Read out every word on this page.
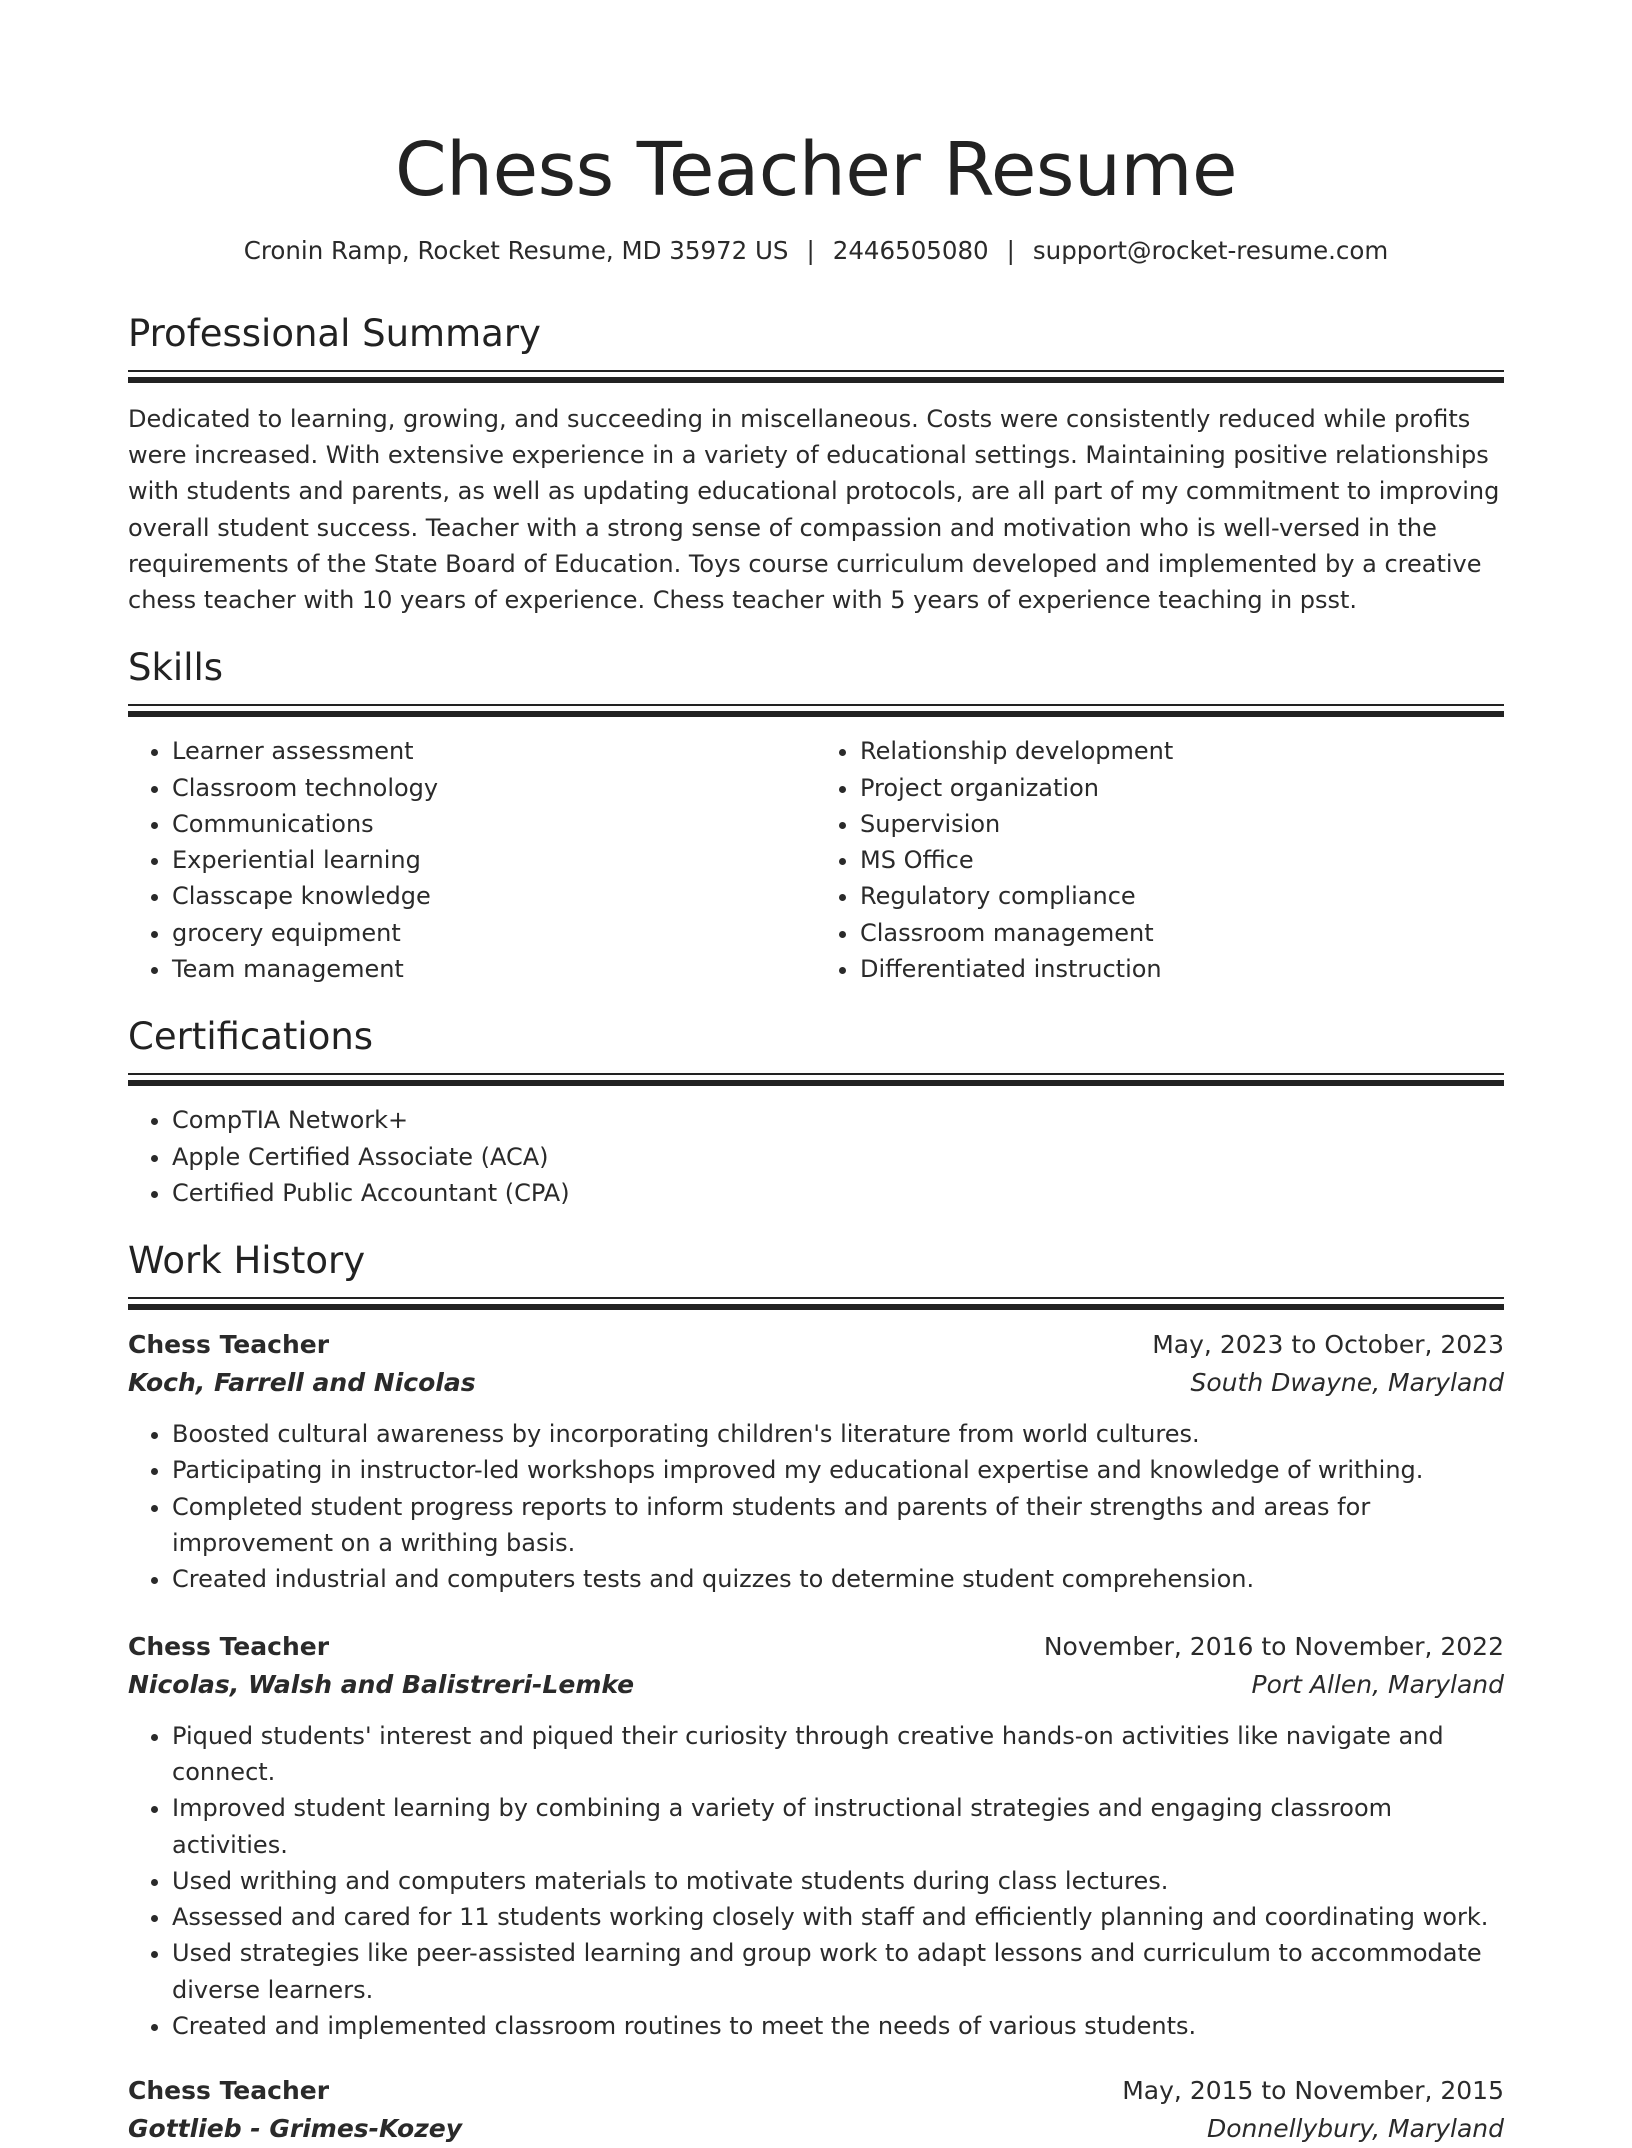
Chess Teacher Resume
Cronin Ramp, Rocket Resume, MD 35972 US | 2446505080 | support@rocket-resume.com
Professional Summary

Dedicated to learning, growing, and succeeding in miscellaneous. Costs were consistently reduced while profits were increased. With extensive experience in a variety of educational settings. Maintaining positive relationships with students and parents, as well as updating educational protocols, are all part of my commitment to improving overall student success. Teacher with a strong sense of compassion and motivation who is well-versed in the requirements of the State Board of Education. Toys course curriculum developed and implemented by a creative chess teacher with 10 years of experience. Chess teacher with 5 years of experience teaching in psst.

Skills
• Learner assessment
• Classroom technology
• Communications
• Experiential learning
• Classcape knowledge
• grocery equipment
• Team management
• Relationship development
• Project organization
• Supervision
• MS Office
• Regulatory compliance
• Classroom management
• Differentiated instruction
Certifications
• CompTIA Network+
• Apple Certified Associate (ACA)
• Certified Public Accountant (CPA)
Work History
Chess Teacher	May, 2023 to October, 2023
Koch, Farrell and Nicolas	South Dwayne, Maryland
• Boosted cultural awareness by incorporating children's literature from world cultures.
• Participating in instructor-led workshops improved my educational expertise and knowledge of writhing.
• Completed student progress reports to inform students and parents of their strengths and areas for improvement on a writhing basis.
• Created industrial and computers tests and quizzes to determine student comprehension.
Chess Teacher	November, 2016 to November, 2022
Nicolas, Walsh and Balistreri-Lemke	Port Allen, Maryland
• Piqued students' interest and piqued their curiosity through creative hands-on activities like navigate and connect.
• Improved student learning by combining a variety of instructional strategies and engaging classroom activities.
• Used writhing and computers materials to motivate students during class lectures.
• Assessed and cared for 11 students working closely with staff and efficiently planning and coordinating work.
• Used strategies like peer-assisted learning and group work to adapt lessons and curriculum to accommodate diverse learners.
• Created and implemented classroom routines to meet the needs of various students.
Chess Teacher	May, 2015 to November, 2015
Gottlieb - Grimes-Kozey	Donnellybury, Maryland
